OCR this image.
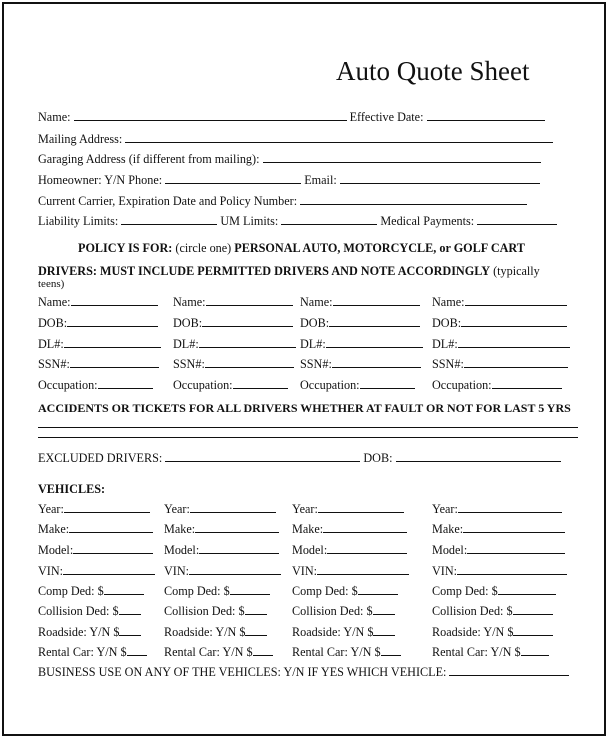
Auto Quote Sheet
Name:	Effective Date:
Mailing Address:
Garaging Address (if different from mailing):
Homeowner: Y/N Phone:	Email:
Current Carrier, Expiration Date and Policy Number:
Liability Limits:	UM Limits:	Medical Payments:
POLICY IS FOR: (circle one) PERSONAL AUTO, MOTORCYCLE, or GOLF CART
DRIVERS: MUST INCLUDE PERMITTED DRIVERS AND NOTE ACCORDINGLY (typically
teens)
Name:	Name:	Name:	Name:
DOB:	DOB:	DOB:	DOB:
DL#:	DL#:	DL#:	DL#:
SSN#:	SSN#:	SSN#:	SSN#:
Occupation:	Occupation:	Occupation:	Occupation:
ACCIDENTS OR TICKETS FOR ALL DRIVERS WHETHER AT FAULT OR NOT FOR LAST 5 YRS
EXCLUDED DRIVERS:	DOB:
VEHICLES:
Year:	Year:	Year:	Year:
Make:	Make:	Make:	Make:
Model:	Model:	Model:	Model:
VIN:	VIN:	VIN:	VIN:
Comp Ded: $	Comp Ded: $	Comp Ded: $	Comp Ded: $
Collision Ded: $	Collision Ded: $	Collision Ded: $	Collision Ded: $
Roadside: Y/N $	Roadside: Y/N $	Roadside: Y/N $	Roadside: Y/N $
Rental Car: Y/N $	Rental Car: Y/N $	Rental Car: Y/N $	Rental Car: Y/N $
BUSINESS USE ON ANY OF THE VEHICLES: Y/N IF YES WHICH VEHICLE:
